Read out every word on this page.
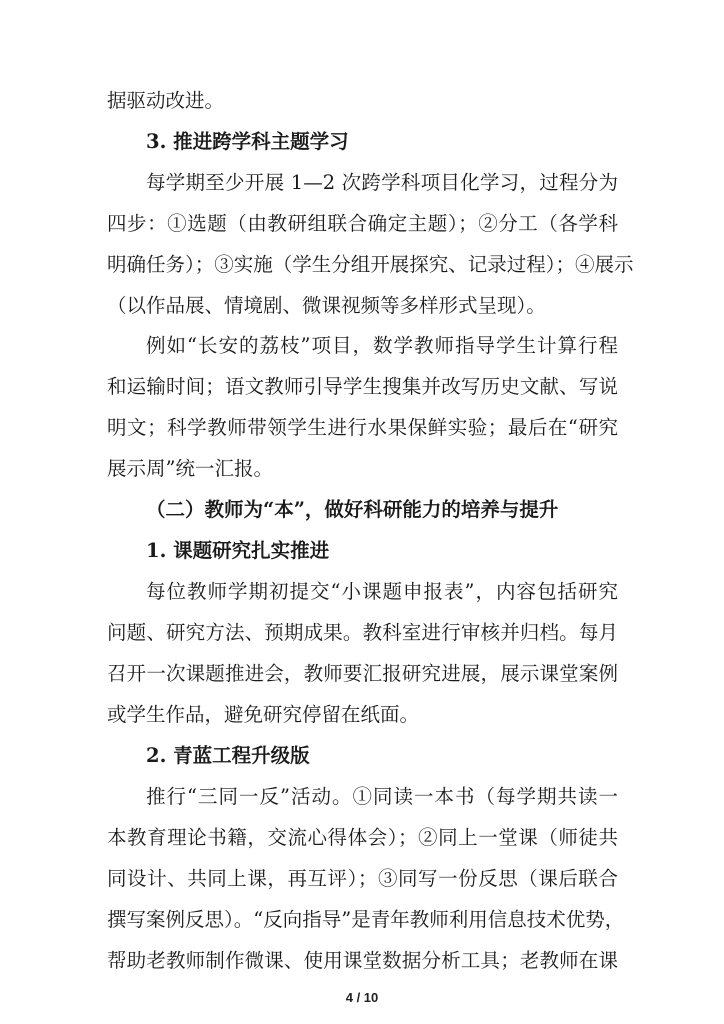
据驱动改进。
3. 推进跨学科主题学习
每学期至少开展 1—2 次跨学科项目化学习，过程分为
四步：①选题（由教研组联合确定主题）；②分工（各学科
明确任务）；③实施（学生分组开展探究、记录过程）；④展示
（以作品展、情境剧、微课视频等多样形式呈现）。
例如“长安的荔枝”项目，数学教师指导学生计算行程
和运输时间；语文教师引导学生搜集并改写历史文献、写说
明文；科学教师带领学生进行水果保鲜实验；最后在“研究
展示周”统一汇报。
（二）教师为“本”，做好科研能力的培养与提升
1. 课题研究扎实推进
每位教师学期初提交“小课题申报表”，内容包括研究
问题、研究方法、预期成果。教科室进行审核并归档。每月
召开一次课题推进会，教师要汇报研究进展，展示课堂案例
或学生作品，避免研究停留在纸面。
2. 青蓝工程升级版
推行“三同一反”活动。①同读一本书（每学期共读一
本教育理论书籍，交流心得体会）；②同上一堂课（师徒共
同设计、共同上课，再互评）；③同写一份反思（课后联合
撰写案例反思）。“反向指导”是青年教师利用信息技术优势，
帮助老教师制作微课、使用课堂数据分析工具；老教师在课
4 / 10
